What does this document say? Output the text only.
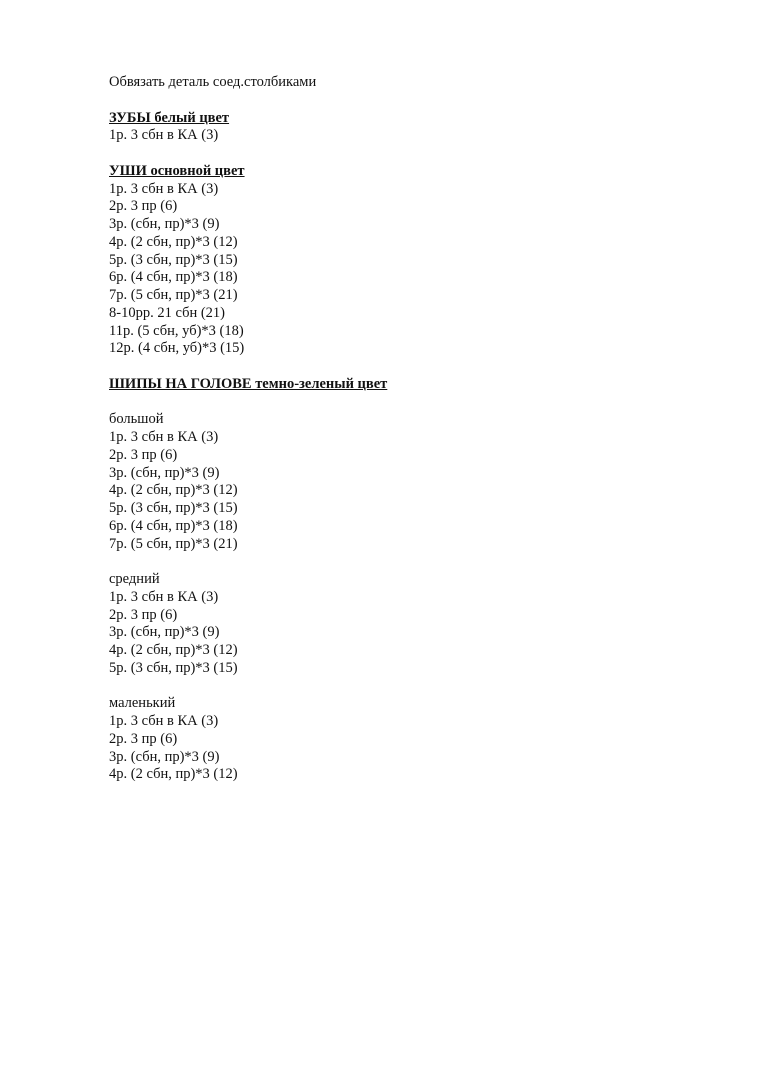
Обвязать деталь соед.столбиками
ЗУБЫ белый цвет
1р. 3 сбн в КА (3)
УШИ основной цвет
1р. 3 сбн в КА (3)
2р. 3 пр (6)
3р. (сбн, пр)*3 (9)
4р. (2 сбн, пр)*3 (12)
5р. (3 сбн, пр)*3 (15)
6р. (4 сбн, пр)*3 (18)
7р. (5 сбн, пр)*3 (21)
8-10рр. 21 сбн (21)
11р. (5 сбн, уб)*3 (18)
12р. (4 сбн, уб)*3 (15)
ШИПЫ НА ГОЛОВЕ темно-зеленый цвет
большой
1р. 3 сбн в КА (3)
2р. 3 пр (6)
3р. (сбн, пр)*3 (9)
4р. (2 сбн, пр)*3 (12)
5р. (3 сбн, пр)*3 (15)
6р. (4 сбн, пр)*3 (18)
7р. (5 сбн, пр)*3 (21)
средний
1р. 3 сбн в КА (3)
2р. 3 пр (6)
3р. (сбн, пр)*3 (9)
4р. (2 сбн, пр)*3 (12)
5р. (3 сбн, пр)*3 (15)
маленький
1р. 3 сбн в КА (3)
2р. 3 пр (6)
3р. (сбн, пр)*3 (9)
4р. (2 сбн, пр)*3 (12)
